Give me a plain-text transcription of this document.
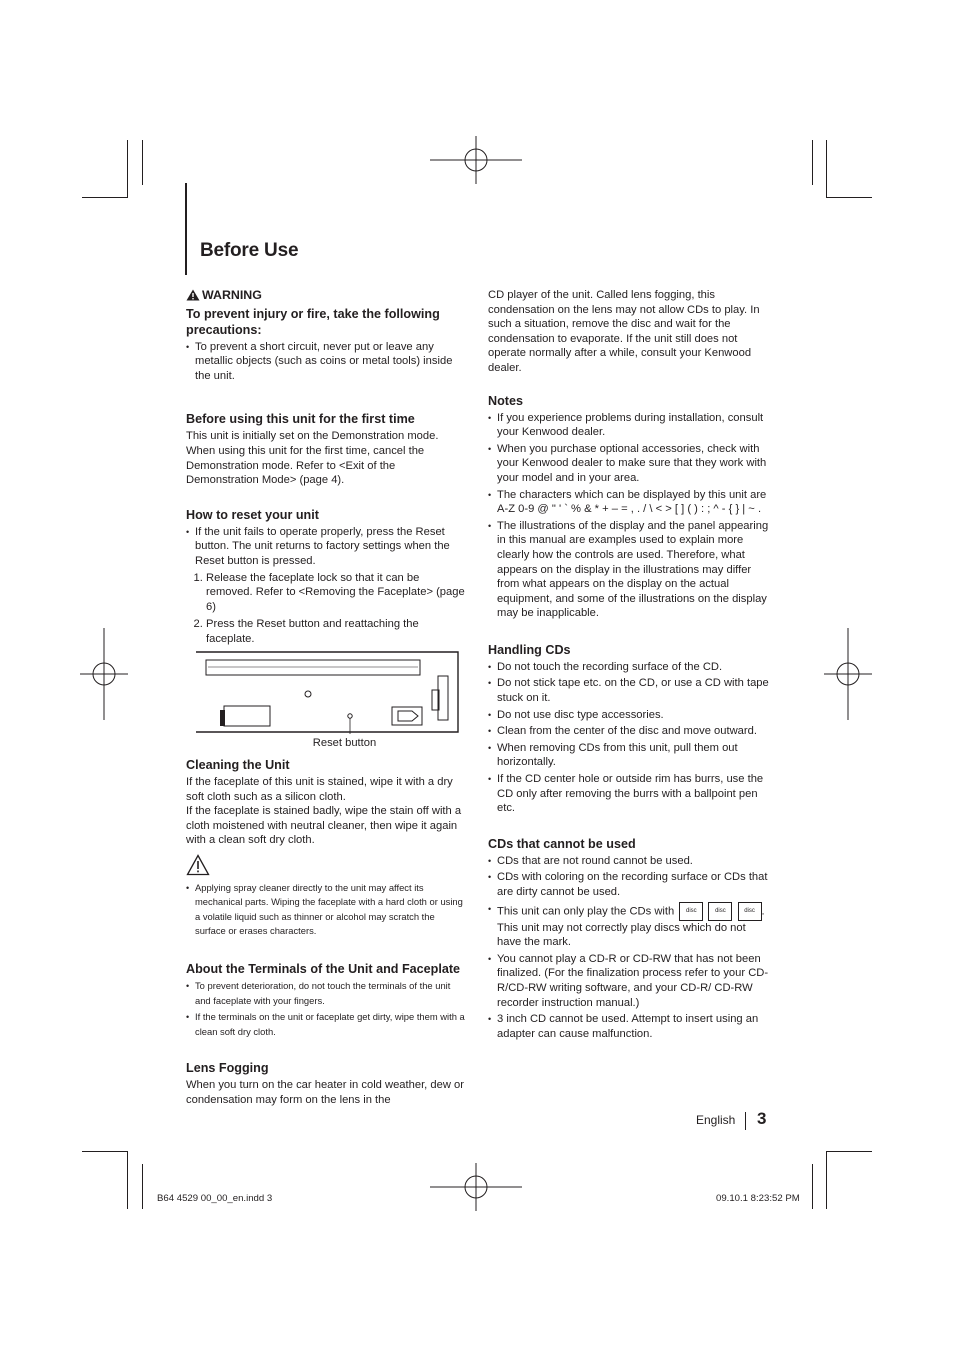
Before Use
WARNING
To prevent injury or fire, take the following precautions:
• To prevent a short circuit, never put or leave any metallic objects (such as coins or metal tools) inside the unit.
Before using this unit for the first time

This unit is initially set on the Demonstration mode. When using this unit for the first time, cancel the Demonstration mode. Refer to <Exit of the Demonstration Mode> (page 4).

How to reset your unit
• If the unit fails to operate properly, press the Reset button. The unit returns to factory settings when the Reset button is pressed.
1. Release the faceplate lock so that it can be removed. Refer to <Removing the Faceplate> (page 6)
2. Press the Reset button and reattaching the faceplate.
Reset button
Cleaning the Unit

If the faceplate of this unit is stained, wipe it with a dry soft cloth such as a silicon cloth.

If the faceplate is stained badly, wipe the stain off with a cloth moistened with neutral cleaner, then wipe it again with a clean soft dry cloth.

• Applying spray cleaner directly to the unit may affect its mechanical parts. Wiping the faceplate with a hard cloth or using a volatile liquid such as thinner or alcohol may scratch the surface or erases characters.
About the Terminals of the Unit and Faceplate
• To prevent deterioration, do not touch the terminals of the unit and faceplate with your fingers.
• If the terminals on the unit or faceplate get dirty, wipe them with a clean soft dry cloth.
Lens Fogging

When you turn on the car heater in cold weather, dew or condensation may form on the lens in the

CD player of the unit. Called lens fogging, this condensation on the lens may not allow CDs to play. In such a situation, remove the disc and wait for the condensation to evaporate. If the unit still does not operate normally after a while, consult your Kenwood dealer.

Notes
• If you experience problems during installation, consult your Kenwood dealer.
• When you purchase optional accessories, check with your Kenwood dealer to make sure that they work with your model and in your area.
• The characters which can be displayed by this unit are A-Z 0-9 @ " ' ` % & * + – = , . / \ < > [ ] ( ) : ; ^ - { } | ~ .
• The illustrations of the display and the panel appearing in this manual are examples used to explain more clearly how the controls are used. Therefore, what appears on the display in the illustrations may differ from what appears on the display on the actual equipment, and some of the illustrations on the display may be inapplicable.
Handling CDs
• Do not touch the recording surface of the CD.
• Do not stick tape etc. on the CD, or use a CD with tape stuck on it.
• Do not use disc type accessories.
• Clean from the center of the disc and move outward.
• When removing CDs from this unit, pull them out horizontally.
• If the CD center hole or outside rim has burrs, use the CD only after removing the burrs with a ballpoint pen etc.
CDs that cannot be used
• CDs that are not round cannot be used.
• CDs with coloring on the recording surface or CDs that are dirty cannot be used.
• This unit can only play the CDs with disc
	disc
	disc .
This unit may not correctly play discs which do not have the mark.
• You cannot play a CD-R or CD-RW that has not been finalized. (For the finalization process refer to your CD-R/CD-RW writing software, and your CD-R/ CD-RW recorder instruction manual.)
• 3 inch CD cannot be used. Attempt to insert using an adapter can cause malfunction.
English 3
B64 4529 00_00_en.indd 3	09.10.1 8:23:52 PM
